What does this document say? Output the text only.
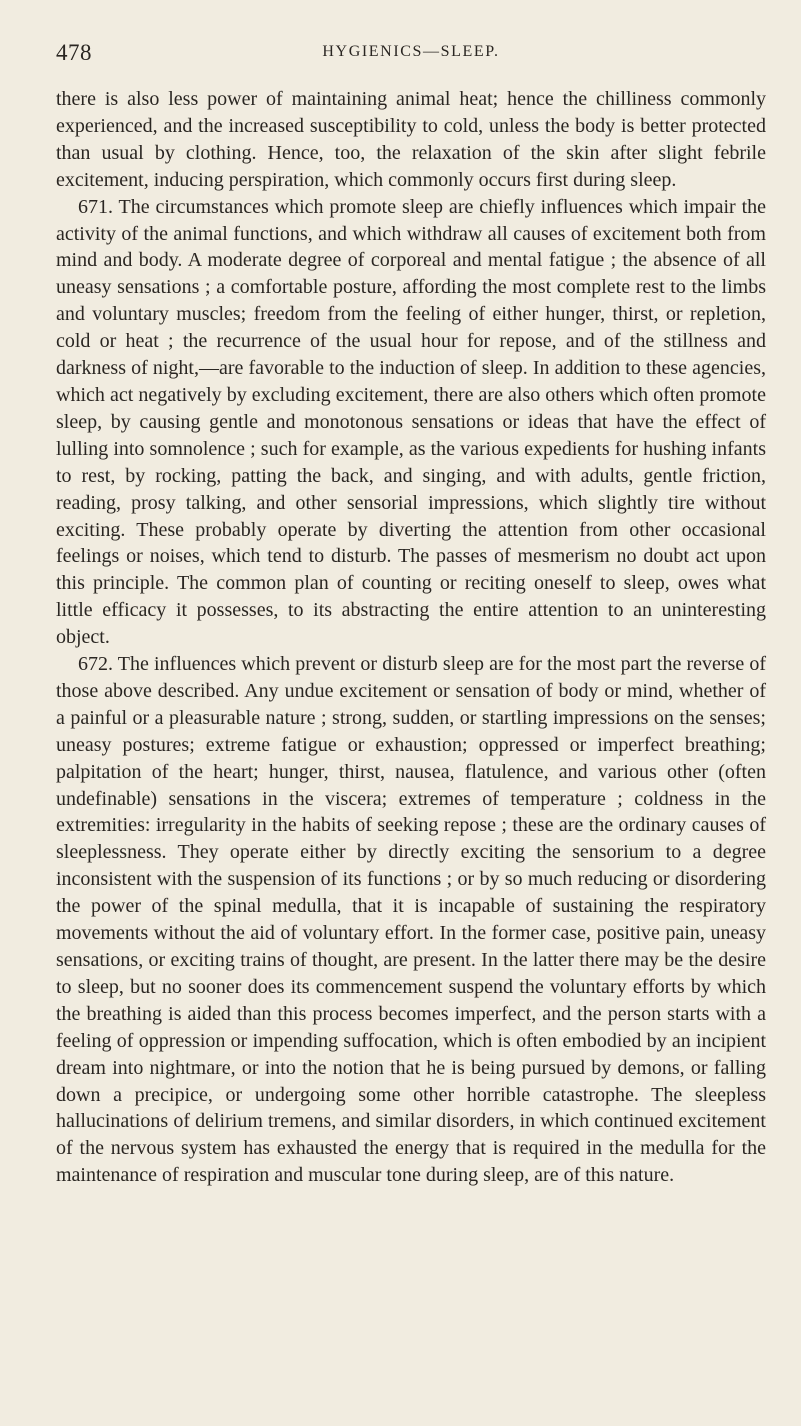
478	HYGIENICS—SLEEP.

there is also less power of maintaining animal heat; hence the chilliness commonly experienced, and the increased susceptibility to cold, unless the body is better protected than usual by clothing. Hence, too, the relaxation of the skin after slight febrile excitement, inducing perspiration, which commonly occurs first during sleep.

671. The circumstances which promote sleep are chiefly influences which impair the activity of the animal functions, and which withdraw all causes of excitement both from mind and body. A moderate degree of corporeal and mental fatigue ; the absence of all uneasy sensations ; a comfortable posture, affording the most complete rest to the limbs and voluntary muscles; freedom from the feeling of either hunger, thirst, or repletion, cold or heat ; the recurrence of the usual hour for repose, and of the stillness and darkness of night,—are favorable to the induction of sleep. In addition to these agencies, which act negatively by excluding excitement, there are also others which often promote sleep, by causing gentle and monotonous sensations or ideas that have the effect of lulling into somnolence ; such for example, as the various expedients for hushing infants to rest, by rocking, patting the back, and singing, and with adults, gentle friction, reading, prosy talking, and other sensorial impressions, which slightly tire without exciting. These probably operate by diverting the attention from other occasional feelings or noises, which tend to disturb. The passes of mesmerism no doubt act upon this principle. The common plan of counting or reciting oneself to sleep, owes what little efficacy it possesses, to its abstracting the entire attention to an uninteresting object.

672. The influences which prevent or disturb sleep are for the most part the reverse of those above described. Any undue excitement or sensation of body or mind, whether of a painful or a pleasurable nature ; strong, sudden, or startling impressions on the senses; uneasy postures; extreme fatigue or exhaustion; oppressed or imperfect breathing; palpitation of the heart; hunger, thirst, nausea, flatulence, and various other (often undefinable) sensations in the viscera; extremes of temperature ; coldness in the extremities: irregularity in the habits of seeking repose ; these are the ordinary causes of sleeplessness. They operate either by directly exciting the sensorium to a degree inconsistent with the suspension of its functions ; or by so much reducing or disordering the power of the spinal medulla, that it is incapable of sustaining the respiratory movements without the aid of voluntary effort. In the former case, positive pain, uneasy sensations, or exciting trains of thought, are present. In the latter there may be the desire to sleep, but no sooner does its commencement suspend the voluntary efforts by which the breathing is aided than this process becomes imperfect, and the person starts with a feeling of oppression or impending suffocation, which is often embodied by an incipient dream into nightmare, or into the notion that he is being pursued by demons, or falling down a precipice, or undergoing some other horrible catastrophe. The sleepless hallucinations of delirium tremens, and similar disorders, in which continued excitement of the nervous system has exhausted the energy that is required in the medulla for the maintenance of respiration and muscular tone during sleep, are of this nature.
